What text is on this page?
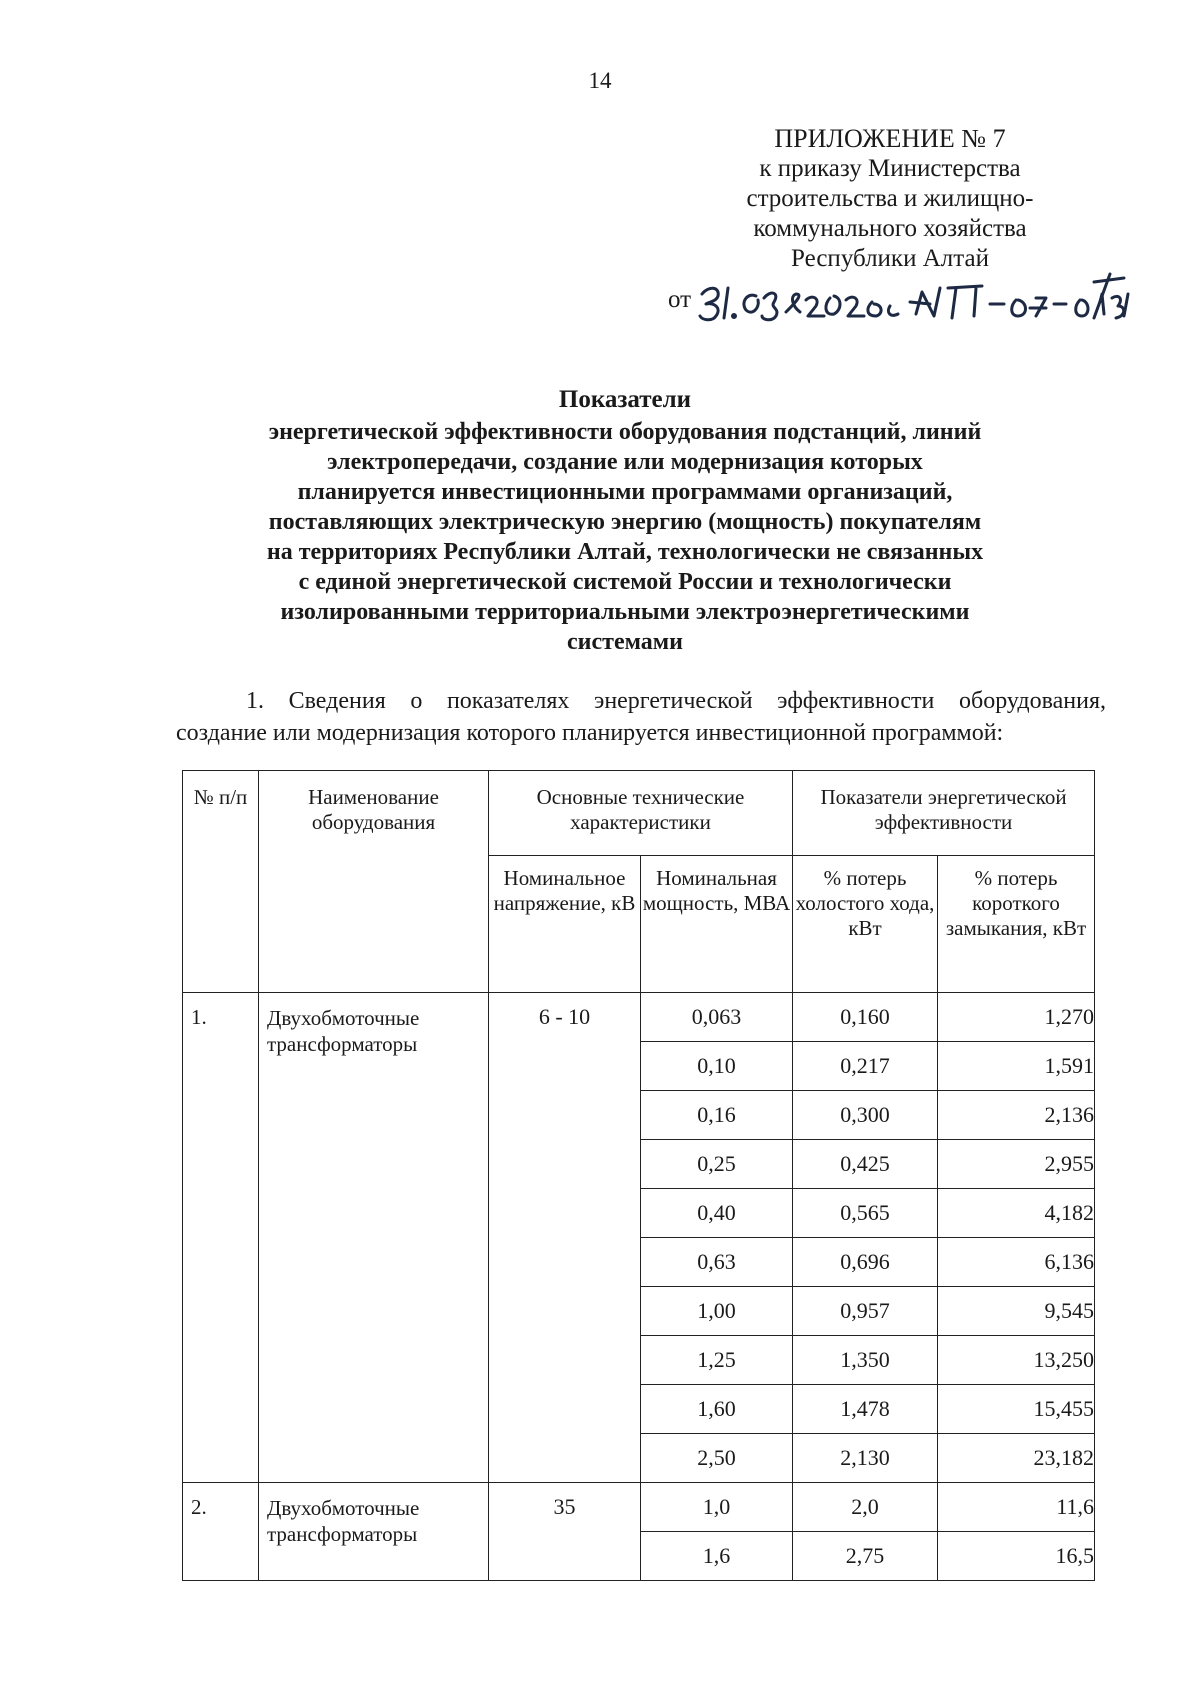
14
ПРИЛОЖЕНИЕ № 7
к приказу Министерства
строительства и жилищно-
коммунального хозяйства
Республики Алтай
от
Показатели
энергетической эффективности оборудования подстанций, линий
электропередачи, создание или модернизация которых
планируется инвестиционными программами организаций,
поставляющих электрическую энергию (мощность) покупателям
на территориях Республики Алтай, технологически не связанных
с единой энергетической системой России и технологически
изолированными территориальными электроэнергетическими
системами
1. Сведения о показателях энергетической эффективности оборудования,
создание или модернизация которого планируется инвестиционной программой:
№ п/п	Наименование оборудования	Основные технические характеристики		Показатели энергетической эффективности	
		Номинальное напряжение, кВ	Номинальная мощность, МВА	% потерь холостого хода, кВт	% потерь короткого замыкания, кВт
1.	Двухобмоточные трансформаторы	6 - 10	0,063	0,160	1,270
			0,10	0,217	1,591
			0,16	0,300	2,136
			0,25	0,425	2,955
			0,40	0,565	4,182
			0,63	0,696	6,136
			1,00	0,957	9,545
			1,25	1,350	13,250
			1,60	1,478	15,455
			2,50	2,130	23,182
2.	Двухобмоточные трансформаторы	35	1,0	2,0	11,6
			1,6	2,75	16,5
